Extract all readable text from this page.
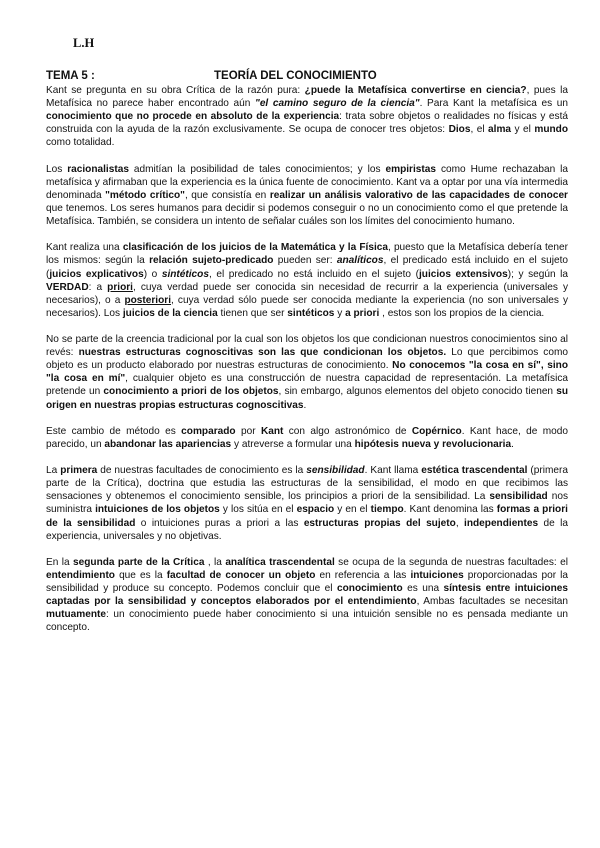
L.H
TEMA 5 :	TEORÍA DEL CONOCIMIENTO

Kant se pregunta en su obra Crítica de la razón pura: ¿puede la Metafísica convertirse en ciencia?, pues la Metafísica no parece haber encontrado aún "el camino seguro de la ciencia". Para Kant la metafísica es un conocimiento que no procede en absoluto de la experiencia: trata sobre objetos o realidades no físicas y está construida con la ayuda de la razón exclusivamente. Se ocupa de conocer tres objetos: Dios, el alma y el mundo como totalidad.

Los racionalistas admitían la posibilidad de tales conocimientos; y los empiristas como Hume rechazaban la metafísica y afirmaban que la experiencia es la única fuente de conocimiento. Kant va a optar por una vía intermedia denominada "método crítico", que consistía en realizar un análisis valorativo de las capacidades de conocer que tenemos. Los seres humanos para decidir si podemos conseguir o no un conocimiento como el que pretende la Metafísica. También, se considera un intento de señalar cuáles son los límites del conocimiento humano.

Kant realiza una clasificación de los juicios de la Matemática y la Física, puesto que la Metafísica debería tener los mismos: según la relación sujeto-predicado pueden ser: analíticos, el predicado está incluido en el sujeto (juicios explicativos) o sintéticos, el predicado no está incluido en el sujeto (juicios extensivos); y según la VERDAD: a priori, cuya verdad puede ser conocida sin necesidad de recurrir a la experiencia (universales y necesarios), o a posteriori, cuya verdad sólo puede ser conocida mediante la experiencia (no son universales y necesarios). Los juicios de la ciencia tienen que ser sintéticos y a priori , estos son los propios de la ciencia.

No se parte de la creencia tradicional por la cual son los objetos los que condicionan nuestros conocimientos sino al revés: nuestras estructuras cognoscitivas son las que condicionan los objetos. Lo que percibimos como objeto es un producto elaborado por nuestras estructuras de conocimiento. No conocemos "la cosa en sí", sino "la cosa en mí", cualquier objeto es una construcción de nuestra capacidad de representación. La metafísica pretende un conocimiento a priori de los objetos, sin embargo, algunos elementos del objeto conocido tienen su origen en nuestras propias estructuras cognoscitivas.

Este cambio de método es comparado por Kant con algo astronómico de Copérnico. Kant hace, de modo parecido, un abandonar las apariencias y atreverse a formular una hipótesis nueva y revolucionaria.

La primera de nuestras facultades de conocimiento es la sensibilidad. Kant llama estética trascendental (primera parte de la Crítica), doctrina que estudia las estructuras de la sensibilidad, el modo en que recibimos las sensaciones y obtenemos el conocimiento sensible, los principios a priori de la sensibilidad. La sensibilidad nos suministra intuiciones de los objetos y los sitúa en el espacio y en el tiempo. Kant denomina las formas a priori de la sensibilidad o intuiciones puras a priori a las estructuras propias del sujeto, independientes de la experiencia, universales y no objetivas.

En la segunda parte de la Crítica , la analítica trascendental se ocupa de la segunda de nuestras facultades: el entendimiento que es la facultad de conocer un objeto en referencia a las intuiciones proporcionadas por la sensibilidad y produce su concepto. Podemos concluir que el conocimiento es una síntesis entre intuiciones captadas por la sensibilidad y conceptos elaborados por el entendimiento, Ambas facultades se necesitan mutuamente: un conocimiento puede haber conocimiento si una intuición sensible no es pensada mediante un concepto.
